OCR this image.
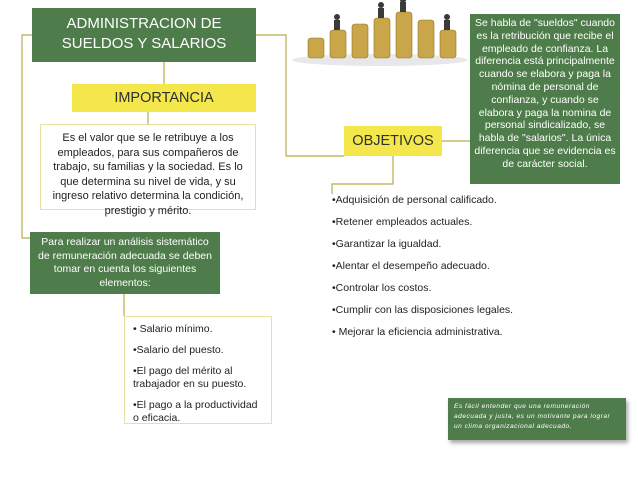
ADMINISTRACION DE SUELDOS Y SALARIOS
IMPORTANCIA
Es el valor que se le retribuye a los empleados, para sus compañeros de trabajo, su familias y la sociedad. Es lo que determina su nivel de vida, y su ingreso relativo determina la condición, prestigio y mérito.
Para realizar un análisis sistemático de remuneración adecuada se deben tomar en cuenta los siguientes elementos:
• Salario mínimo.
•Salario del puesto.
•El pago del mérito al trabajador en su puesto.
•El pago a la productividad o eficacia.
OBJETIVOS
Se habla de "sueldos" cuando es la retribución que recibe el empleado de confianza. La diferencia está principalmente cuando se elabora y paga la nómina de personal de confianza, y cuando se elabora y paga la nomina de personal sindicalizado, se habla de "salarios". La única diferencia que se evidencia es de carácter social.
•Adquisición de personal calificado.
•Retener empleados actuales.
•Garantizar la igualdad.
•Alentar el desempeño adecuado.
•Controlar los costos.
•Cumplir con las disposiciones legales.
• Mejorar la eficiencia administrativa.
Es fácil entender que una remuneración adecuada y justa, es un motivante para lograr un clima organizacional adecuado.
